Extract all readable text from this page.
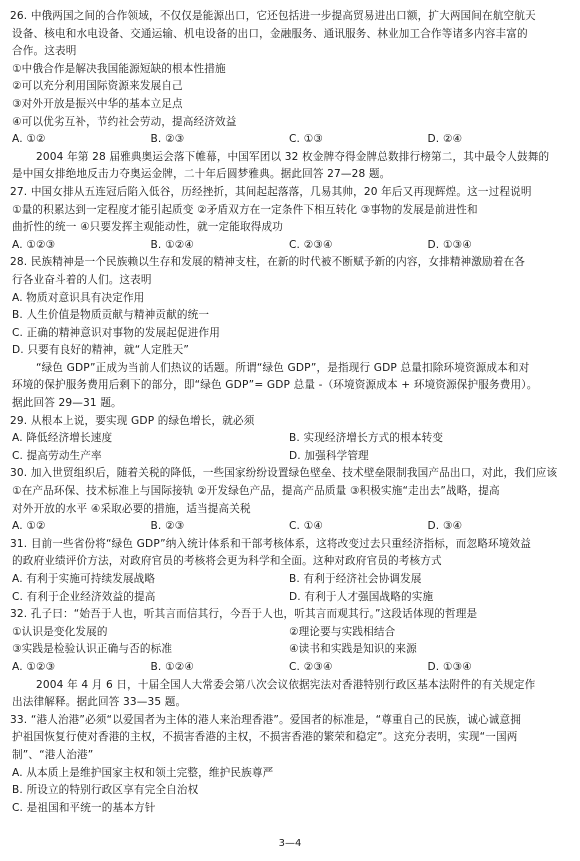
26. 中俄两国之间的合作领域，不仅仅是能源出口，它还包括进一步提高贸易进出口额，扩大两国间在航空航天
设备、核电和水电设备、交通运输、机电设备的出口，金融服务、通讯服务、林业加工合作等诸多内容丰富的
合作。这表明
①中俄合作是解决我国能源短缺的根本性措施
②可以充分利用国际资源来发展自己
③对外开放是振兴中华的基本立足点
④可以优劣互补，节约社会劳动，提高经济效益
A. ①②	B. ②③	C. ①③	D. ②④
2004 年第 28 届雅典奥运会落下帷幕，中国军团以 32 枚金牌夺得金牌总数排行榜第二，其中最令人鼓舞的
是中国女排绝地反击力夺奥运金牌，二十年后圆梦雅典。据此回答 27—28 题。
27. 中国女排从五连冠后陷入低谷，历经挫折，其间起起落落，几易其帅，20 年后又再现辉煌。这一过程说明
①量的积累达到一定程度才能引起质变 ②矛盾双方在一定条件下相互转化 ③事物的发展是前进性和
曲折性的统一 ④只要发挥主观能动性，就一定能取得成功
A. ①②③	B. ①②④	C. ②③④	D. ①③④
28. 民族精神是一个民族赖以生存和发展的精神支柱，在新的时代被不断赋予新的内容，女排精神激励着在各
行各业奋斗着的人们。这表明
A. 物质对意识具有决定作用
B. 人生价值是物质贡献与精神贡献的统一
C. 正确的精神意识对事物的发展起促进作用
D. 只要有良好的精神，就“人定胜天”
“绿色 GDP”正成为当前人们热议的话题。所谓“绿色 GDP”，是指现行 GDP 总量扣除环境资源成本和对
环境的保护服务费用后剩下的部分，即“绿色 GDP”= GDP 总量 -（环境资源成本 + 环境资源保护服务费用）。
据此回答 29—31 题。
29. 从根本上说，要实现 GDP 的绿色增长，就必须
A. 降低经济增长速度	B. 实现经济增长方式的根本转变
C. 提高劳动生产率	D. 加强科学管理
30. 加入世贸组织后，随着关税的降低，一些国家纷纷设置绿色壁垒、技术壁垒限制我国产品出口，对此，我们应该
①在产品环保、技术标准上与国际接轨 ②开发绿色产品，提高产品质量 ③积极实施“走出去”战略，提高
对外开放的水平 ④采取必要的措施，适当提高关税
A. ①②	B. ②③	C. ①④	D. ③④
31. 目前一些省份将“绿色 GDP”纳入统计体系和干部考核体系，这将改变过去只重经济指标，而忽略环境效益
的政府业绩评价方法，对政府官员的考核将会更为科学和全面。这种对政府官员的考核方式
A. 有利于实施可持续发展战略	B. 有利于经济社会协调发展
C. 有利于企业经济效益的提高	D. 有利于人才强国战略的实施
32. 孔子曰：“始吾于人也，听其言而信其行，今吾于人也，听其言而观其行。”这段话体现的哲理是
①认识是变化发展的	②理论要与实践相结合
③实践是检验认识正确与否的标准	④读书和实践是知识的来源
A. ①②③	B. ①②④	C. ②③④	D. ①③④
2004 年 4 月 6 日，十届全国人大常委会第八次会议依据宪法对香港特别行政区基本法附件的有关规定作
出法律解释。据此回答 33—35 题。
33. “港人治港”必须“以爱国者为主体的港人来治理香港”。爱国者的标准是，“尊重自己的民族，诚心诚意拥
护祖国恢复行使对香港的主权，不损害香港的主权，不损害香港的繁荣和稳定”。这充分表明，实现“一国两
制”、“港人治港”
A. 从本质上是维护国家主权和领土完整，维护民族尊严
B. 所设立的特别行政区享有完全自治权
C. 是祖国和平统一的基本方针
3—4
